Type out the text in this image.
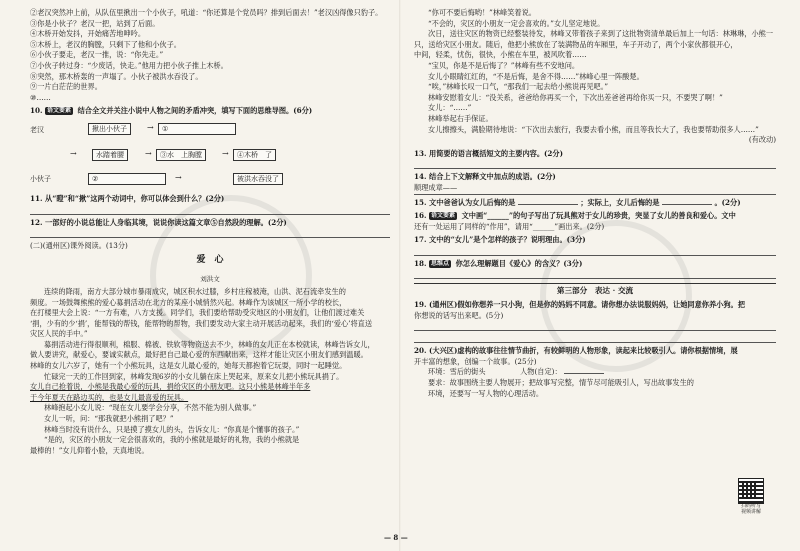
②老汉突然冲上前，从队伍里揪出一个小伙子，吼道：“你还算是个党员吗？排到后面去！”老汉凶得像只豹子。

③你是小伙子？老汉一把，站到了后面。

④木桥开始发抖，开始痛苦地呻吟。

⑤木桥上，老汉的胸膛，只剩下了他和小伙子。

⑥小伙子要走，老汉一推，说：“你先走。”

⑦小伙子转过身：“少废话，快走。”他用力把小伙子推上木桥。

⑧突然，那木桥轰的一声塌了。小伙子被洪水吞没了。

⑨一片白茫茫的世界。

⑩……

10. 语文要素 结合全文并关注小说中人物之间的矛盾冲突，填写下面的思维导图。(6分)

老汉
小伙子
揪出小伙子	→	①
→	水踏着腰	→	③水　上胸膛	→	④木桥　了
②	→	被洪水吞没了

11. 从“瞪”和“揪”这两个动词中，你可以体会到什么？(2分)

12. 一部好的小说总能让人身临其境，说说你读这篇文章⑤自然段的理解。(2分)

(二)(通州区)课外阅读。(13分)

爱　心

刘洪文

连续的降雨，南方大部分城市暴雨成灾，城区积水过膝，乡村庄稼被淹，山洪、泥石流牵发生的

频度。一场鼓舞熊熊的爱心募捐活动在北方的某座小城悄然兴起。林峰作为该城区一所小学的校长，

在打楼里大会上说：“一方有难，八方支援。同学们，我们要给帮助受灾地区的小朋友们，让他们渡过难关

‘捐，少有的少‘捐’，能帮钱的帮钱，能帮物的帮物，我们要发动大家主动开展活动起来，我们的‘爱心’将直送

灾区人民的手中。”

募捐活动进行得很顺利，棉服、棉被、铁软等物资送去不少，林峰的女儿正在本校就读，林峰告诉女儿，

做人要讲究，献爱心，要诚实献点，最好把自己最心爱的东西献出来，这样才能让灾区小朋友们感到温暖。

林峰的女儿六岁了，她有一个小熊玩具，这是女儿最心爱的，她每天都抱着它玩耍，同时一起睡觉。

忙碌完一天的工作回到家，林峰发现6岁的小女儿躺在床上哭起来，原来女儿把小熊玩具捐了。

女儿自己抢着说，小熊是我最心爱的玩具，捐给灾区的小朋友吧。这只小熊是林峰半年多

于今年夏天在路边买的，也是女儿最喜爱的玩具。

林峰抱起小女儿说：“现在女儿要学会分享，不然不能为别人做事。”

女儿一听，问：“那我就把小熊捐了吧？”

林峰当时没有说什么，只是摸了摸女儿的头，告诉女儿：“你真是个懂事的孩子。”

“是的，灾区的小朋友一定会很喜欢的，我的小熊就是最好的礼物，我的小熊就是

最棒的！”女儿仰着小脸，天真地说。

“你可不要后悔哟！”林峰笑着说。

“不会的，灾区的小朋友一定会喜欢的。”女儿坚定地说。

次日，送往灾区的物资已经整装待发，林峰又带着孩子来到了这批物资清单最后加上一句话：林琳琳，小熊一

只，送给灾区小朋友。随后，他把小熊放在了装满物品的车厢里，车子开动了，两个小家伙都很开心，

中间，轻柔，忧伤，很快，小熊在车里，被风吹着……

“宝贝，你是不是后悔了？”林峰有些不安地问。

女儿小眼睛红红的，“不是后悔，是舍不得……”林峰心里一阵酸楚。

“唉，”林峰长叹一口气，“那我们一起去给小熊说再见吧。”

林峰安慰着女儿：“没关系，爸爸给你再买一个，下次出差爸爸再给你买一只，不要哭了啊！”

女儿：“……”

林峰举起右手保证。

女儿擦擦头，满脸期待地说：“下次出去旅行，我要去看小熊，而且等我长大了，我也要帮助很多人……”

(有改动)

13. 用简要的语言概括短文的主要内容。(2分)

14. 结合上下文解释文中加点的成语。(2分)

顺理成章——

15. 文中爸爸认为女儿后悔的是	；实际上，女儿后悔的是	。(2分)

16. 语文要素 文中画“______”的句子写出了玩具熊对于女儿的珍贵，突显了女儿的善良和爱心。文中

还有一处运用了同样的“作用”，请用“______”画出来。(2分)

17. 文中的“女儿”是个怎样的孩子？说明理由。(3分)

18. 思维点 你怎么理解题目《爱心》的含义？(3分)

第三部分　表达 · 交流

19. (通州区)假如你想养一只小狗，但是你的妈妈不同意。请你想办法说服妈妈，让她同意你养小狗。把

你想说的话写出来吧。(5分)

20. (大兴区)虚构的故事往往情节曲折，有较鲜明的人物形象，读起来比较吸引人。请你根据情境，展

开丰富的想象，创编一个故事。(25分)

环境：雪后的街头	人物(自定)：

要求：故事围绕主要人物展开；把故事写完整，情节尽可能吸引人，写出故事发生的

环境，还要写一写人物的心理活动。

扫码听写
视频讲解
— 8 —
